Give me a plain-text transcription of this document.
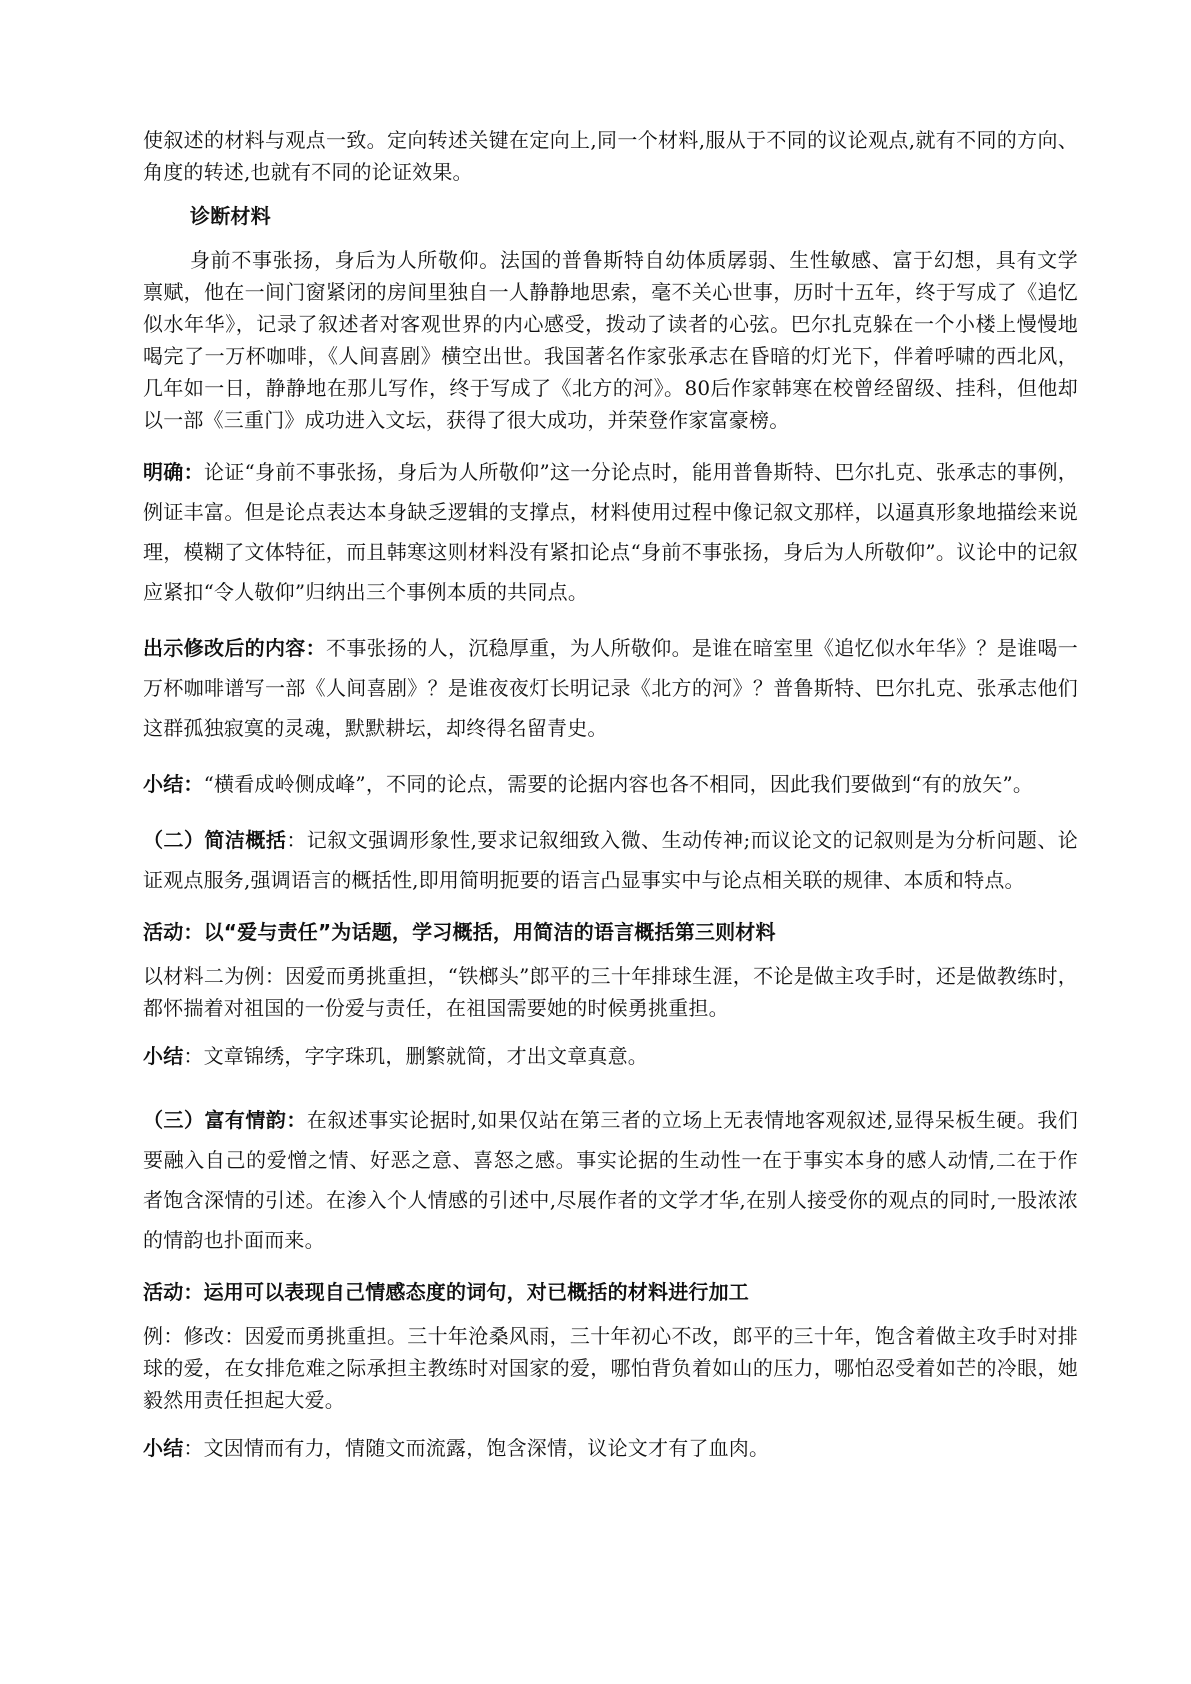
使叙述的材料与观点一致。定向转述关键在定向上,同一个材料,服从于不同的议论观点,就有不同的方向、角度的转述,也就有不同的论证效果。

诊断材料

身前不事张扬，身后为人所敬仰。法国的普鲁斯特自幼体质孱弱、生性敏感、富于幻想，具有文学禀赋，他在一间门窗紧闭的房间里独自一人静静地思索，毫不关心世事，历时十五年，终于写成了《追忆似水年华》，记录了叙述者对客观世界的内心感受，拨动了读者的心弦。巴尔扎克躲在一个小楼上慢慢地喝完了一万杯咖啡，《人间喜剧》横空出世。我国著名作家张承志在昏暗的灯光下，伴着呼啸的西北风，几年如一日，静静地在那儿写作，终于写成了《北方的河》。80后作家韩寒在校曾经留级、挂科，但他却以一部《三重门》成功进入文坛，获得了很大成功，并荣登作家富豪榜。

明确：论证“身前不事张扬，身后为人所敬仰”这一分论点时，能用普鲁斯特、巴尔扎克、张承志的事例，例证丰富。但是论点表达本身缺乏逻辑的支撑点，材料使用过程中像记叙文那样，以逼真形象地描绘来说理，模糊了文体特征，而且韩寒这则材料没有紧扣论点“身前不事张扬，身后为人所敬仰”。议论中的记叙应紧扣“令人敬仰”归纳出三个事例本质的共同点。

出示修改后的内容：不事张扬的人，沉稳厚重，为人所敬仰。是谁在暗室里《追忆似水年华》？是谁喝一万杯咖啡谱写一部《人间喜剧》？是谁夜夜灯长明记录《北方的河》？普鲁斯特、巴尔扎克、张承志他们这群孤独寂寞的灵魂，默默耕坛，却终得名留青史。

小结：“横看成岭侧成峰”，不同的论点，需要的论据内容也各不相同，因此我们要做到“有的放矢”。

（二）简洁概括：记叙文强调形象性,要求记叙细致入微、生动传神;而议论文的记叙则是为分析问题、论证观点服务,强调语言的概括性,即用简明扼要的语言凸显事实中与论点相关联的规律、本质和特点。

活动：以“爱与责任”为话题，学习概括，用简洁的语言概括第三则材料

以材料二为例：因爱而勇挑重担，“铁榔头”郎平的三十年排球生涯，不论是做主攻手时，还是做教练时，都怀揣着对祖国的一份爱与责任，在祖国需要她的时候勇挑重担。

小结：文章锦绣，字字珠玑，删繁就简，才出文章真意。

（三）富有情韵：在叙述事实论据时,如果仅站在第三者的立场上无表情地客观叙述,显得呆板生硬。我们要融入自己的爱憎之情、好恶之意、喜怒之感。事实论据的生动性一在于事实本身的感人动情,二在于作者饱含深情的引述。在渗入个人情感的引述中,尽展作者的文学才华,在别人接受你的观点的同时,一股浓浓的情韵也扑面而来。

活动：运用可以表现自己情感态度的词句，对已概括的材料进行加工

例：修改：因爱而勇挑重担。三十年沧桑风雨，三十年初心不改，郎平的三十年，饱含着做主攻手时对排球的爱，在女排危难之际承担主教练时对国家的爱，哪怕背负着如山的压力，哪怕忍受着如芒的冷眼，她毅然用责任担起大爱。

小结：文因情而有力，情随文而流露，饱含深情，议论文才有了血肉。
